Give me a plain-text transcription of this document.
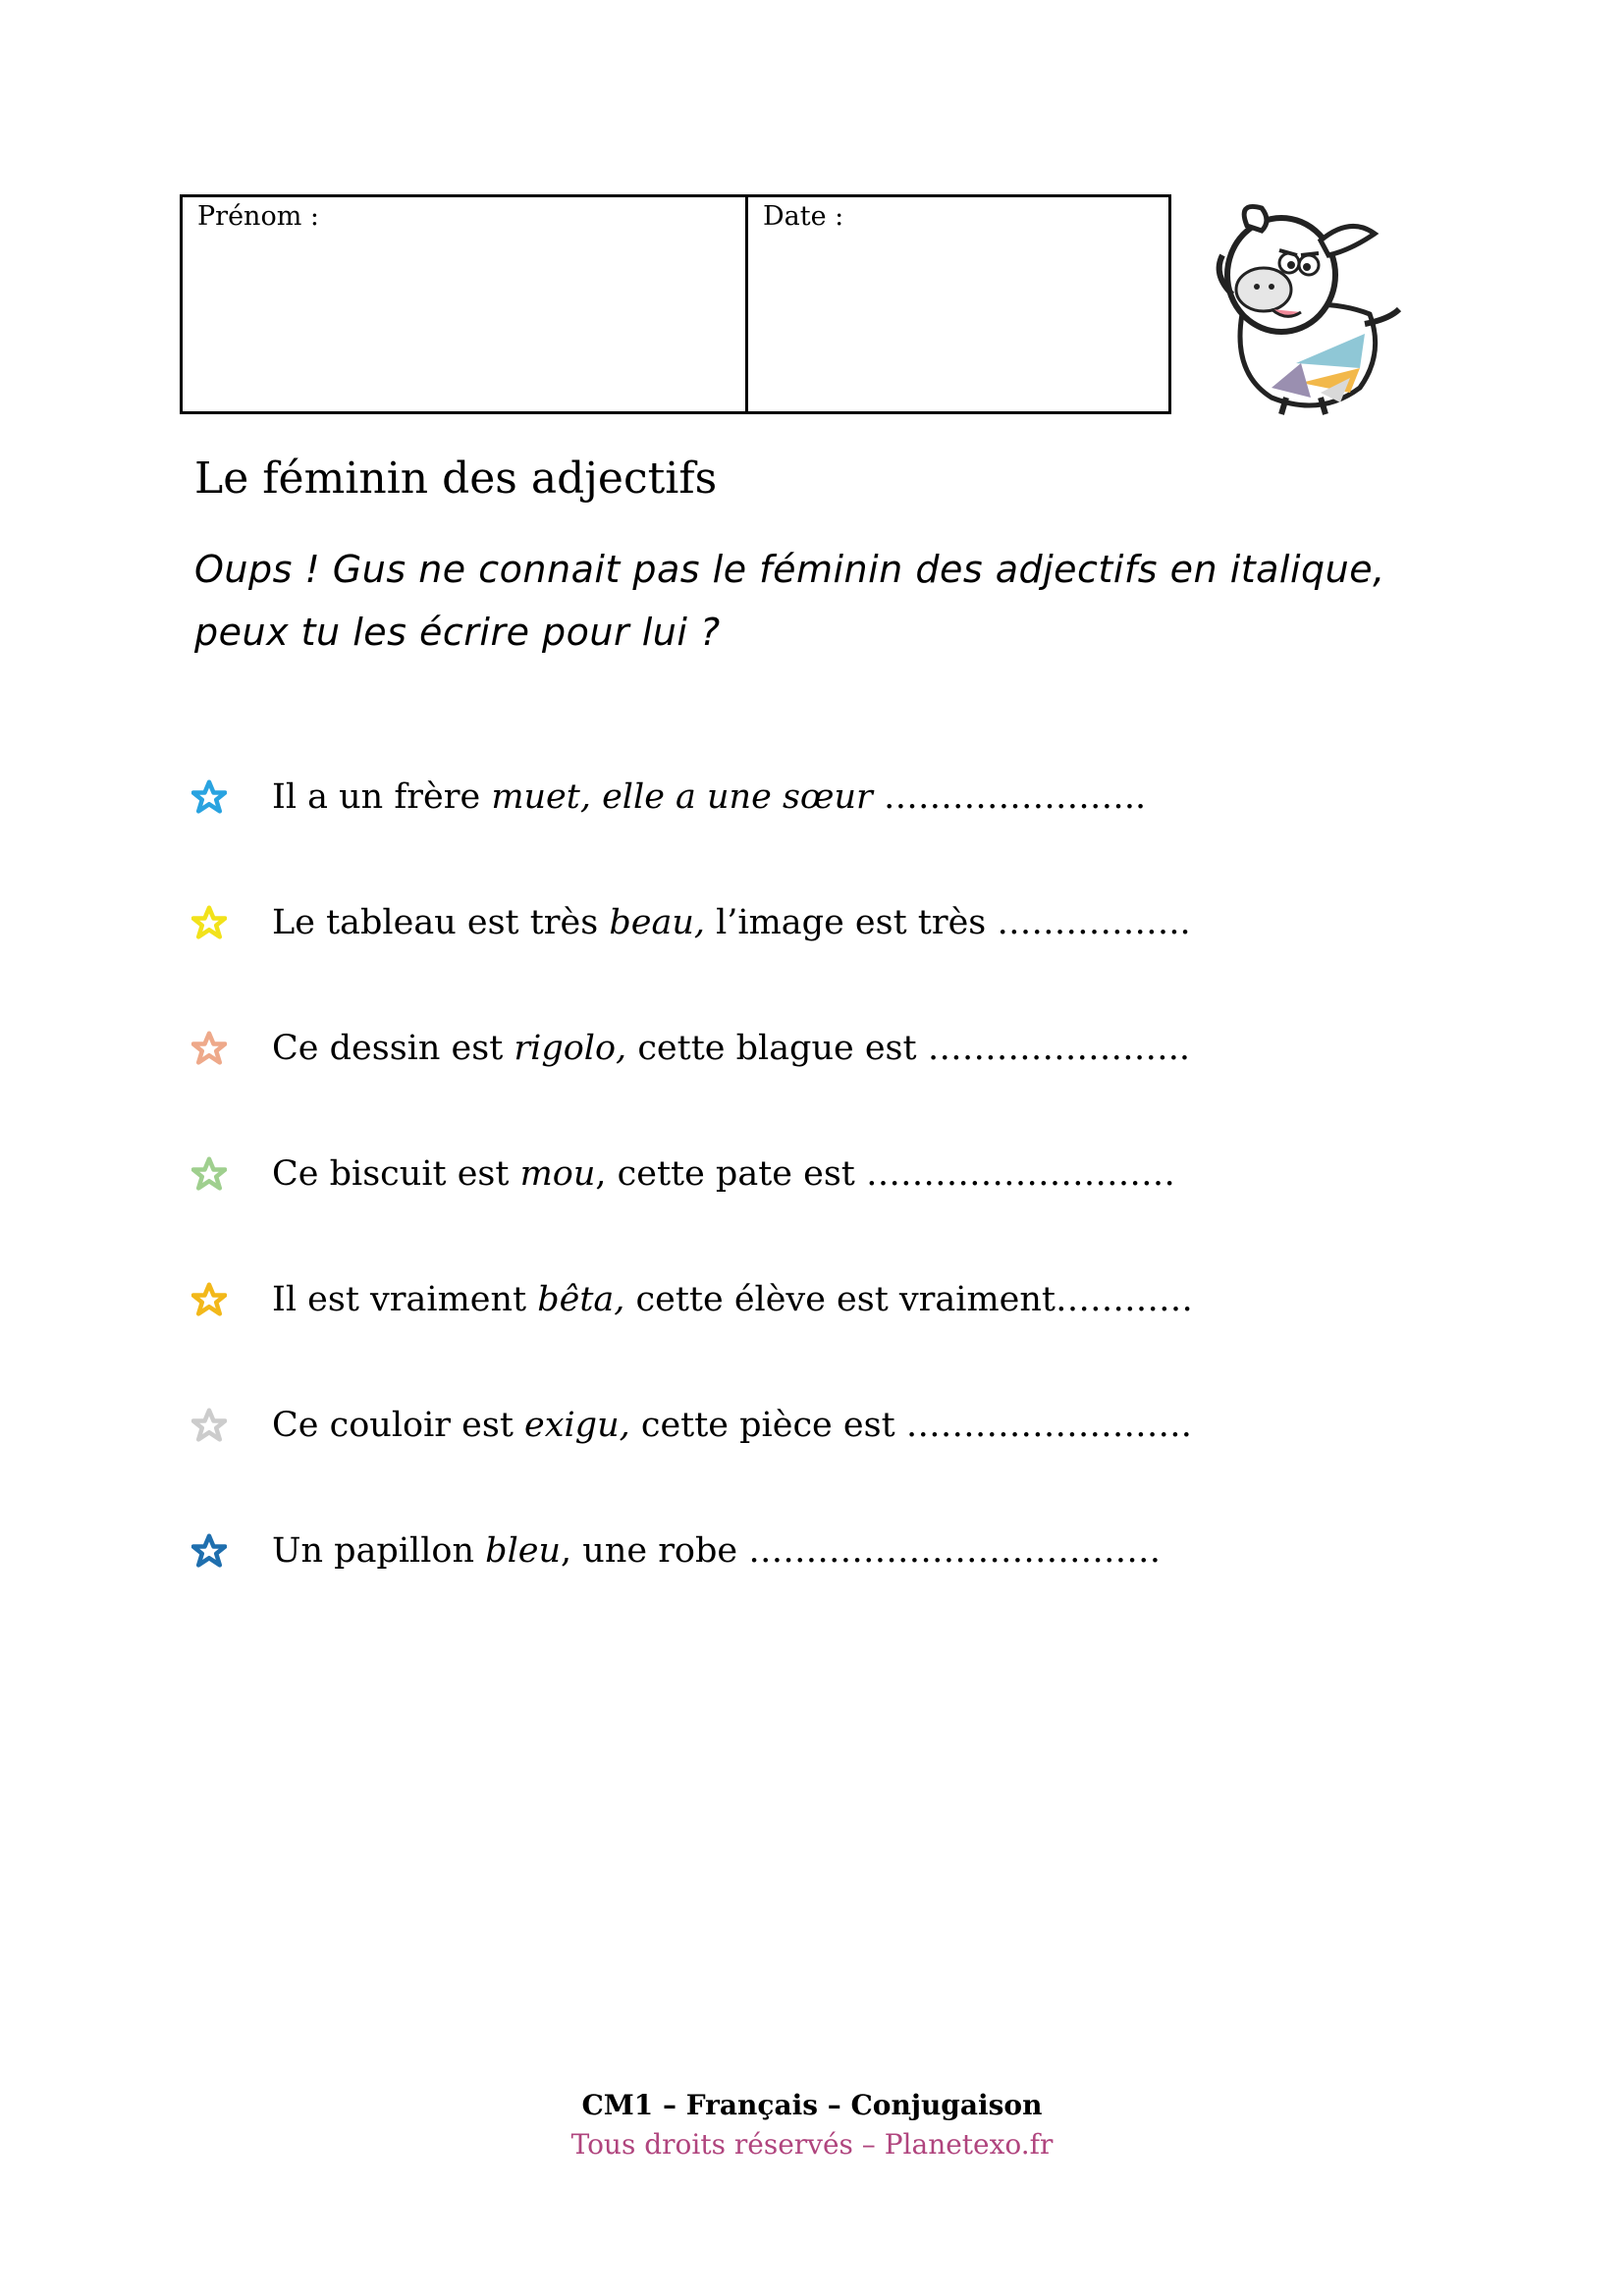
Prénom :	Date :
Le féminin des adjectifs
Oups ! Gus ne connait pas le féminin des adjectifs en italique, peux tu les écrire pour lui ?
Il a un frère muet, elle a une sœur …………………..
Le tableau est très beau, l’image est très ……………..
Ce dessin est rigolo, cette blague est …………………..
Ce biscuit est mou, cette pate est ………………………
Il est vraiment bêta, cette élève est vraiment…………
Ce couloir est exigu, cette pièce est …………………….
Un papillon bleu, une robe ………………………………
CM1 – Français – Conjugaison
Tous droits réservés – Planetexo.fr
